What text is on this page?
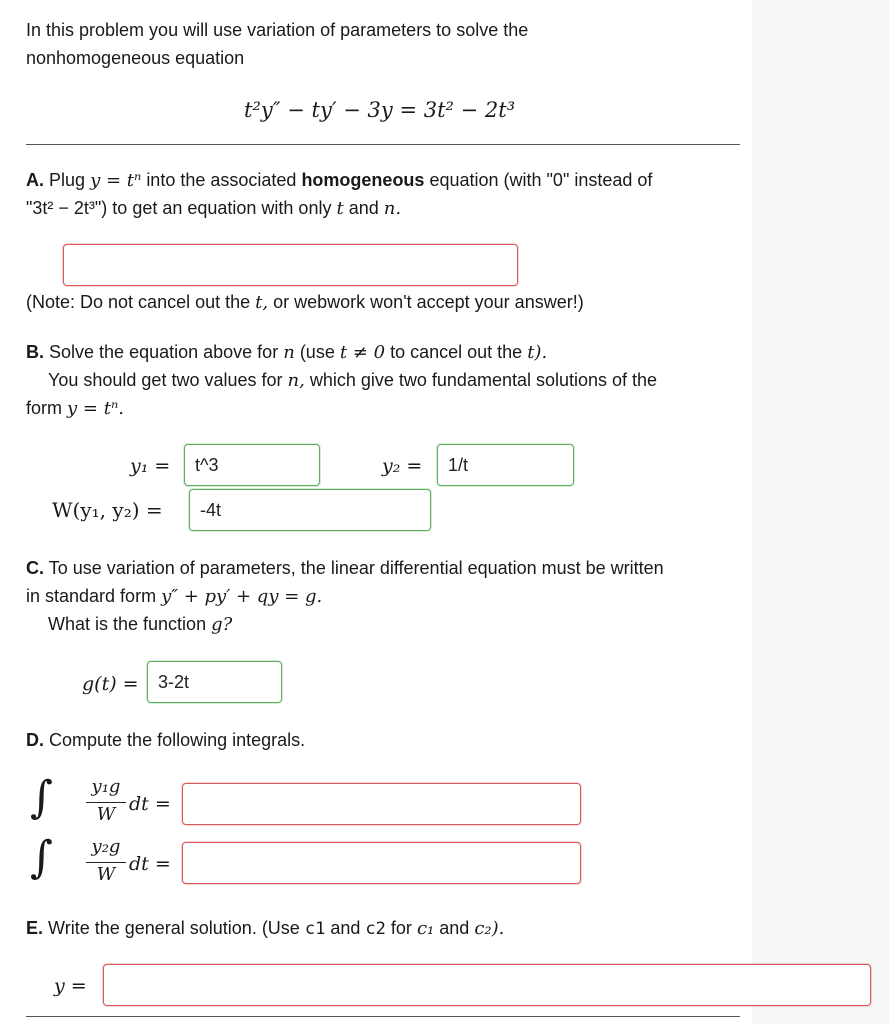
In this problem you will use variation of parameters to solve the
nonhomogeneous equation
t²y″ − ty′ − 3y = 3t² − 2t³
A. Plug y = tⁿ into the associated homogeneous equation (with "0" instead of
"3t² − 2t³") to get an equation with only t and n.
(Note: Do not cancel out the t, or webwork won't accept your answer!)
B. Solve the equation above for n (use t ≠ 0 to cancel out the t).
You should get two values for n, which give two fundamental solutions of the
form y = tⁿ.
y₁ =	t^3	y₂ =	1/t
W(y₁, y₂) =	-4t
C. To use variation of parameters, the linear differential equation must be written
in standard form y″ + py′ + qy = g.
What is the function g?
g(t) =	3-2t
D. Compute the following integrals.
∫	y₁g
W dt =
∫	y₂g
W dt =
E. Write the general solution. (Use c1 and c2 for c₁ and c₂).
y =
